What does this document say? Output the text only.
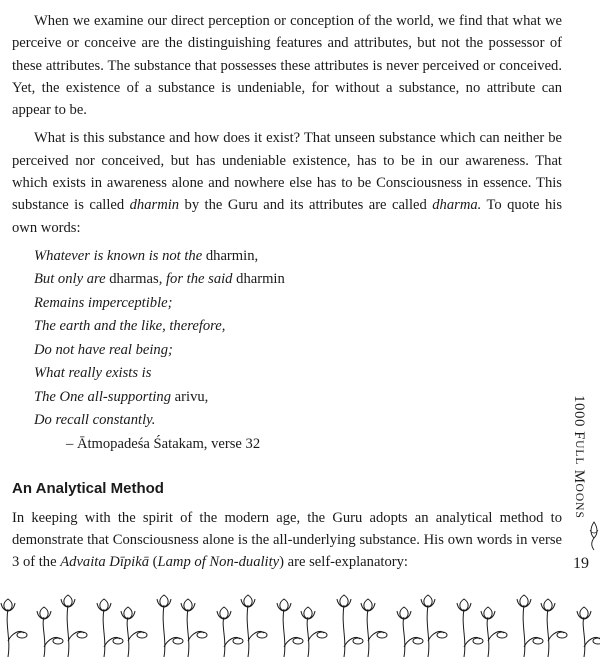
When we examine our direct perception or conception of the world, we find that what we perceive or conceive are the distinguishing features and attributes, but not the possessor of these attributes. The substance that possesses these attributes is never perceived or conceived. Yet, the existence of a substance is undeniable, for without a substance, no attribute can appear to be.

What is this substance and how does it exist? That unseen substance which can neither be perceived nor conceived, but has undeniable existence, has to be in our awareness. That which exists in awareness alone and nowhere else has to be Consciousness in essence. This substance is called dharmin by the Guru and its attributes are called dharma. To quote his own words:

Whatever is known is not the dharmin,
But only are dharmas, for the said dharmin
Remains imperceptible;
The earth and the like, therefore,
Do not have real being;
What really exists is
The One all-supporting arivu,
Do recall constantly.
– Ātmopadeśa Śatakam, verse 32
An Analytical Method

In keeping with the spirit of the modern age, the Guru adopts an analytical method to demonstrate that Consciousness alone is the all-underlying substance. His own words in verse 3 of the Advaita Dīpikā (Lamp of Non-duality) are self-explanatory:

1000 FULL MOONS
19
